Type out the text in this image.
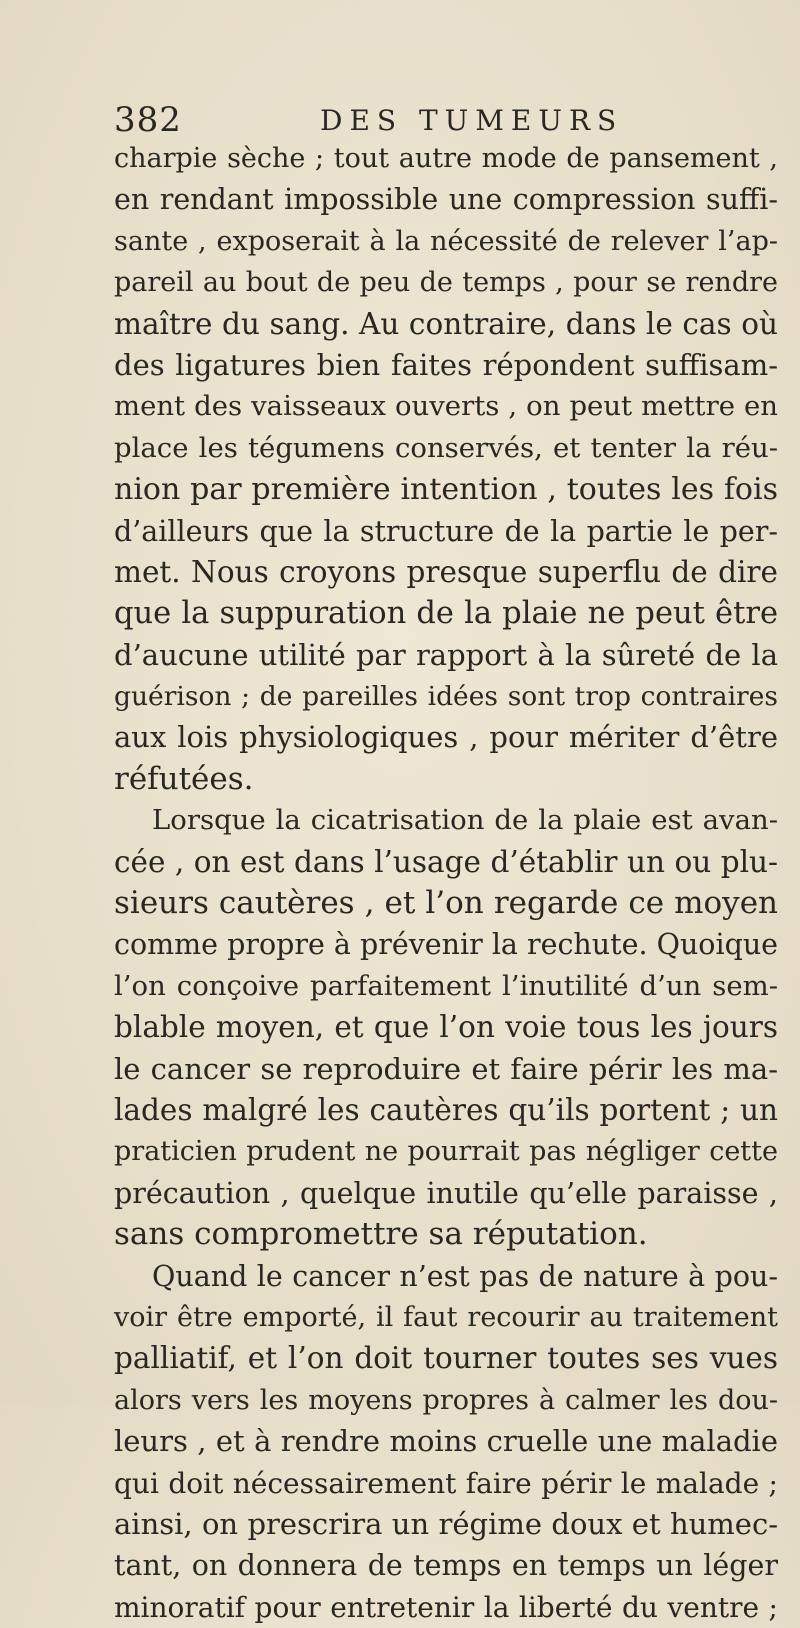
382	DES TUMEURS
charpie sèche ; tout autre mode de pansement ,
en rendant impossible une compression suffi-
sante , exposerait à la nécessité de relever l’ap-
pareil au bout de peu de temps , pour se rendre
maître du sang. Au contraire, dans le cas où
des ligatures bien faites répondent suffisam-
ment des vaisseaux ouverts , on peut mettre en
place les tégumens conservés, et tenter la réu-
nion par première intention , toutes les fois
d’ailleurs que la structure de la partie le per-
met. Nous croyons presque superflu de dire
que la suppuration de la plaie ne peut être
d’aucune utilité par rapport à la sûreté de la
guérison ; de pareilles idées sont trop contraires
aux lois physiologiques , pour mériter d’être
réfutées.
Lorsque la cicatrisation de la plaie est avan-
cée , on est dans l’usage d’établir un ou plu-
sieurs cautères , et l’on regarde ce moyen
comme propre à prévenir la rechute. Quoique
l’on conçoive parfaitement l’inutilité d’un sem-
blable moyen, et que l’on voie tous les jours
le cancer se reproduire et faire périr les ma-
lades malgré les cautères qu’ils portent ; un
praticien prudent ne pourrait pas négliger cette
précaution , quelque inutile qu’elle paraisse ,
sans compromettre sa réputation.
Quand le cancer n’est pas de nature à pou-
voir être emporté, il faut recourir au traitement
palliatif, et l’on doit tourner toutes ses vues
alors vers les moyens propres à calmer les dou-
leurs , et à rendre moins cruelle une maladie
qui doit nécessairement faire périr le malade ;
ainsi, on prescrira un régime doux et humec-
tant, on donnera de temps en temps un léger
minoratif pour entretenir la liberté du ventre ;
